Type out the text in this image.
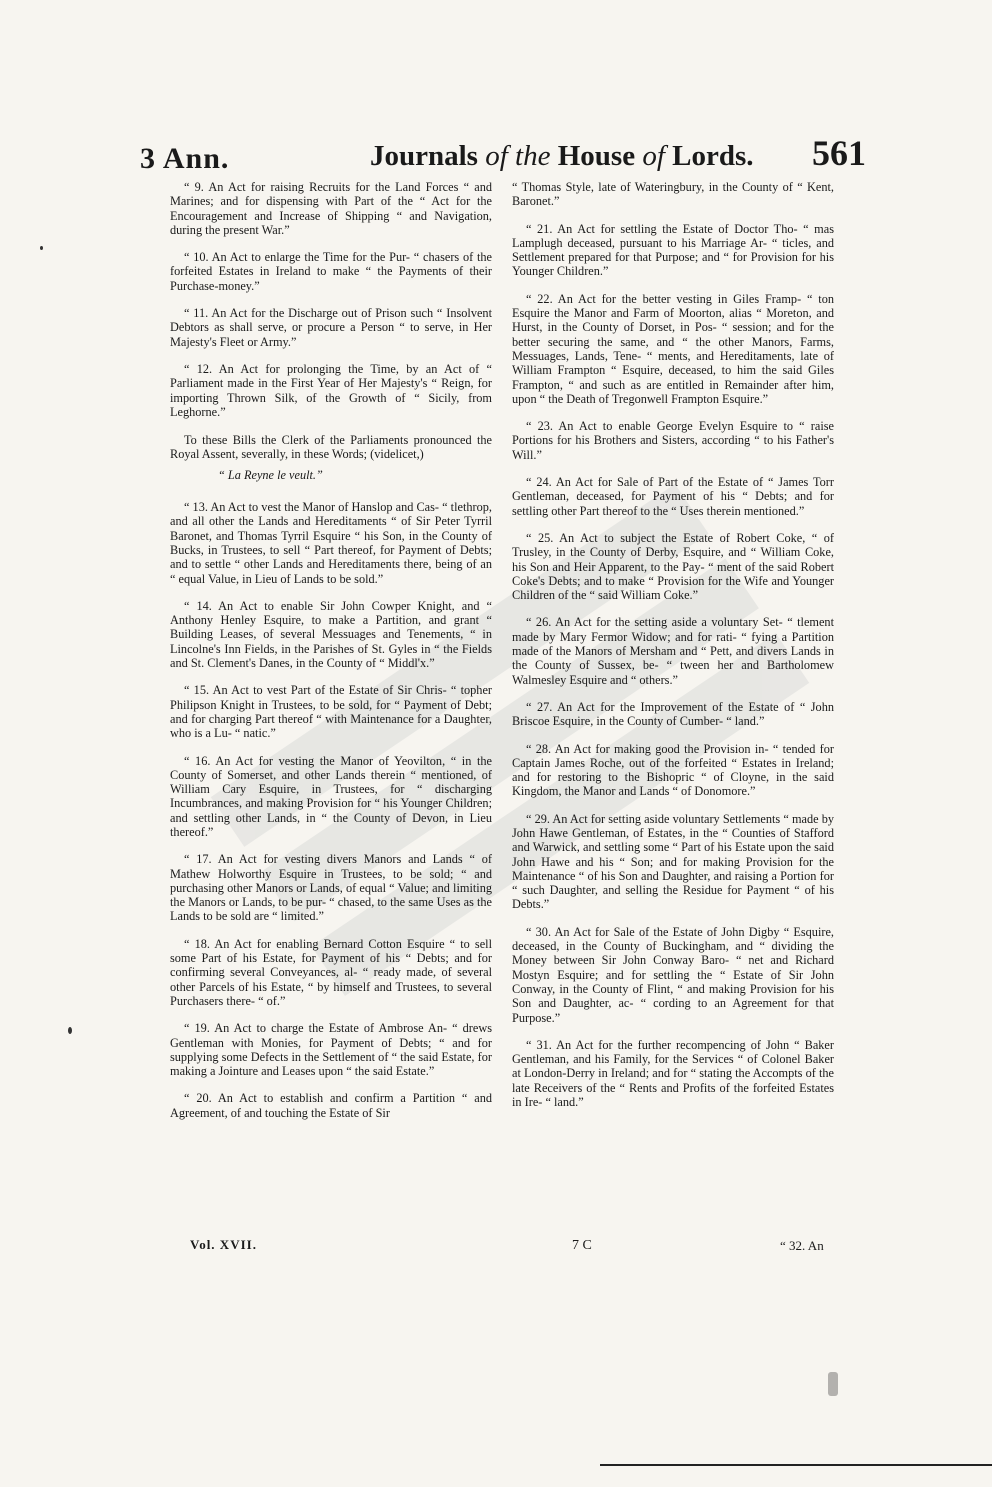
3 Ann.	Journals of the House of Lords. 561

“ 9. An Act for raising Recruits for the Land Forces “ and Marines; and for dispensing with Part of the “ Act for the Encouragement and Increase of Shipping “ and Navigation, during the present War.”

“ 10. An Act to enlarge the Time for the Pur- “ chasers of the forfeited Estates in Ireland to make “ the Payments of their Purchase-money.”

“ 11. An Act for the Discharge out of Prison such “ Insolvent Debtors as shall serve, or procure a Person “ to serve, in Her Majesty's Fleet or Army.”

“ 12. An Act for prolonging the Time, by an Act of “ Parliament made in the First Year of Her Majesty's “ Reign, for importing Thrown Silk, of the Growth of “ Sicily, from Leghorne.”

To these Bills the Clerk of the Parliaments pronounced the Royal Assent, severally, in these Words; (videlicet,)

“ La Reyne le veult.”

“ 13. An Act to vest the Manor of Hanslop and Cas- “ tlethrop, and all other the Lands and Hereditaments “ of Sir Peter Tyrril Baronet, and Thomas Tyrril Esquire “ his Son, in the County of Bucks, in Trustees, to sell “ Part thereof, for Payment of Debts; and to settle “ other Lands and Hereditaments there, being of an “ equal Value, in Lieu of Lands to be sold.”

“ 14. An Act to enable Sir John Cowper Knight, and “ Anthony Henley Esquire, to make a Partition, and grant “ Building Leases, of several Messuages and Tenements, “ in Lincolne's Inn Fields, in the Parishes of St. Gyles in “ the Fields and St. Clement's Danes, in the County of “ Middl'x.”

“ 15. An Act to vest Part of the Estate of Sir Chris- “ topher Philipson Knight in Trustees, to be sold, for “ Payment of Debt; and for charging Part thereof “ with Maintenance for a Daughter, who is a Lu- “ natic.”

“ 16. An Act for vesting the Manor of Yeovilton, “ in the County of Somerset, and other Lands therein “ mentioned, of William Cary Esquire, in Trustees, for “ discharging Incumbrances, and making Provision for “ his Younger Children; and settling other Lands, in “ the County of Devon, in Lieu thereof.”

“ 17. An Act for vesting divers Manors and Lands “ of Mathew Holworthy Esquire in Trustees, to be sold; “ and purchasing other Manors or Lands, of equal “ Value; and limiting the Manors or Lands, to be pur- “ chased, to the same Uses as the Lands to be sold are “ limited.”

“ 18. An Act for enabling Bernard Cotton Esquire “ to sell some Part of his Estate, for Payment of his “ Debts; and for confirming several Conveyances, al- “ ready made, of several other Parcels of his Estate, “ by himself and Trustees, to several Purchasers there- “ of.”

“ 19. An Act to charge the Estate of Ambrose An- “ drews Gentleman with Monies, for Payment of Debts; “ and for supplying some Defects in the Settlement of “ the said Estate, for making a Jointure and Leases upon “ the said Estate.”

“ 20. An Act to establish and confirm a Partition “ and Agreement, of and touching the Estate of Sir

“ Thomas Style, late of Wateringbury, in the County of “ Kent, Baronet.”

“ 21. An Act for settling the Estate of Doctor Tho- “ mas Lamplugh deceased, pursuant to his Marriage Ar- “ ticles, and Settlement prepared for that Purpose; and “ for Provision for his Younger Children.”

“ 22. An Act for the better vesting in Giles Framp- “ ton Esquire the Manor and Farm of Moorton, alias “ Moreton, and Hurst, in the County of Dorset, in Pos- “ session; and for the better securing the same, and “ the other Manors, Farms, Messuages, Lands, Tene- “ ments, and Hereditaments, late of William Frampton “ Esquire, deceased, to him the said Giles Frampton, “ and such as are entitled in Remainder after him, upon “ the Death of Tregonwell Frampton Esquire.”

“ 23. An Act to enable George Evelyn Esquire to “ raise Portions for his Brothers and Sisters, according “ to his Father's Will.”

“ 24. An Act for Sale of Part of the Estate of “ James Torr Gentleman, deceased, for Payment of his “ Debts; and for settling other Part thereof to the “ Uses therein mentioned.”

“ 25. An Act to subject the Estate of Robert Coke, “ of Trusley, in the County of Derby, Esquire, and “ William Coke, his Son and Heir Apparent, to the Pay- “ ment of the said Robert Coke's Debts; and to make “ Provision for the Wife and Younger Children of the “ said William Coke.”

“ 26. An Act for the setting aside a voluntary Set- “ tlement made by Mary Fermor Widow; and for rati- “ fying a Partition made of the Manors of Mersham and “ Pett, and divers Lands in the County of Sussex, be- “ tween her and Bartholomew Walmesley Esquire and “ others.”

“ 27. An Act for the Improvement of the Estate of “ John Briscoe Esquire, in the County of Cumber- “ land.”

“ 28. An Act for making good the Provision in- “ tended for Captain James Roche, out of the forfeited “ Estates in Ireland; and for restoring to the Bishopric “ of Cloyne, in the said Kingdom, the Manor and Lands “ of Donomore.”

“ 29. An Act for setting aside voluntary Settlements “ made by John Hawe Gentleman, of Estates, in the “ Counties of Stafford and Warwick, and settling some “ Part of his Estate upon the said John Hawe and his “ Son; and for making Provision for the Maintenance “ of his Son and Daughter, and raising a Portion for “ such Daughter, and selling the Residue for Payment “ of his Debts.”

“ 30. An Act for Sale of the Estate of John Digby “ Esquire, deceased, in the County of Buckingham, and “ dividing the Money between Sir John Conway Baro- “ net and Richard Mostyn Esquire; and for settling the “ Estate of Sir John Conway, in the County of Flint, “ and making Provision for his Son and Daughter, ac- “ cording to an Agreement for that Purpose.”

“ 31. An Act for the further recompencing of John “ Baker Gentleman, and his Family, for the Services “ of Colonel Baker at London-Derry in Ireland; and for “ stating the Accompts of the late Receivers of the “ Rents and Profits of the forfeited Estates in Ire- “ land.”

Vol. XVII.	7 C	“ 32. An
